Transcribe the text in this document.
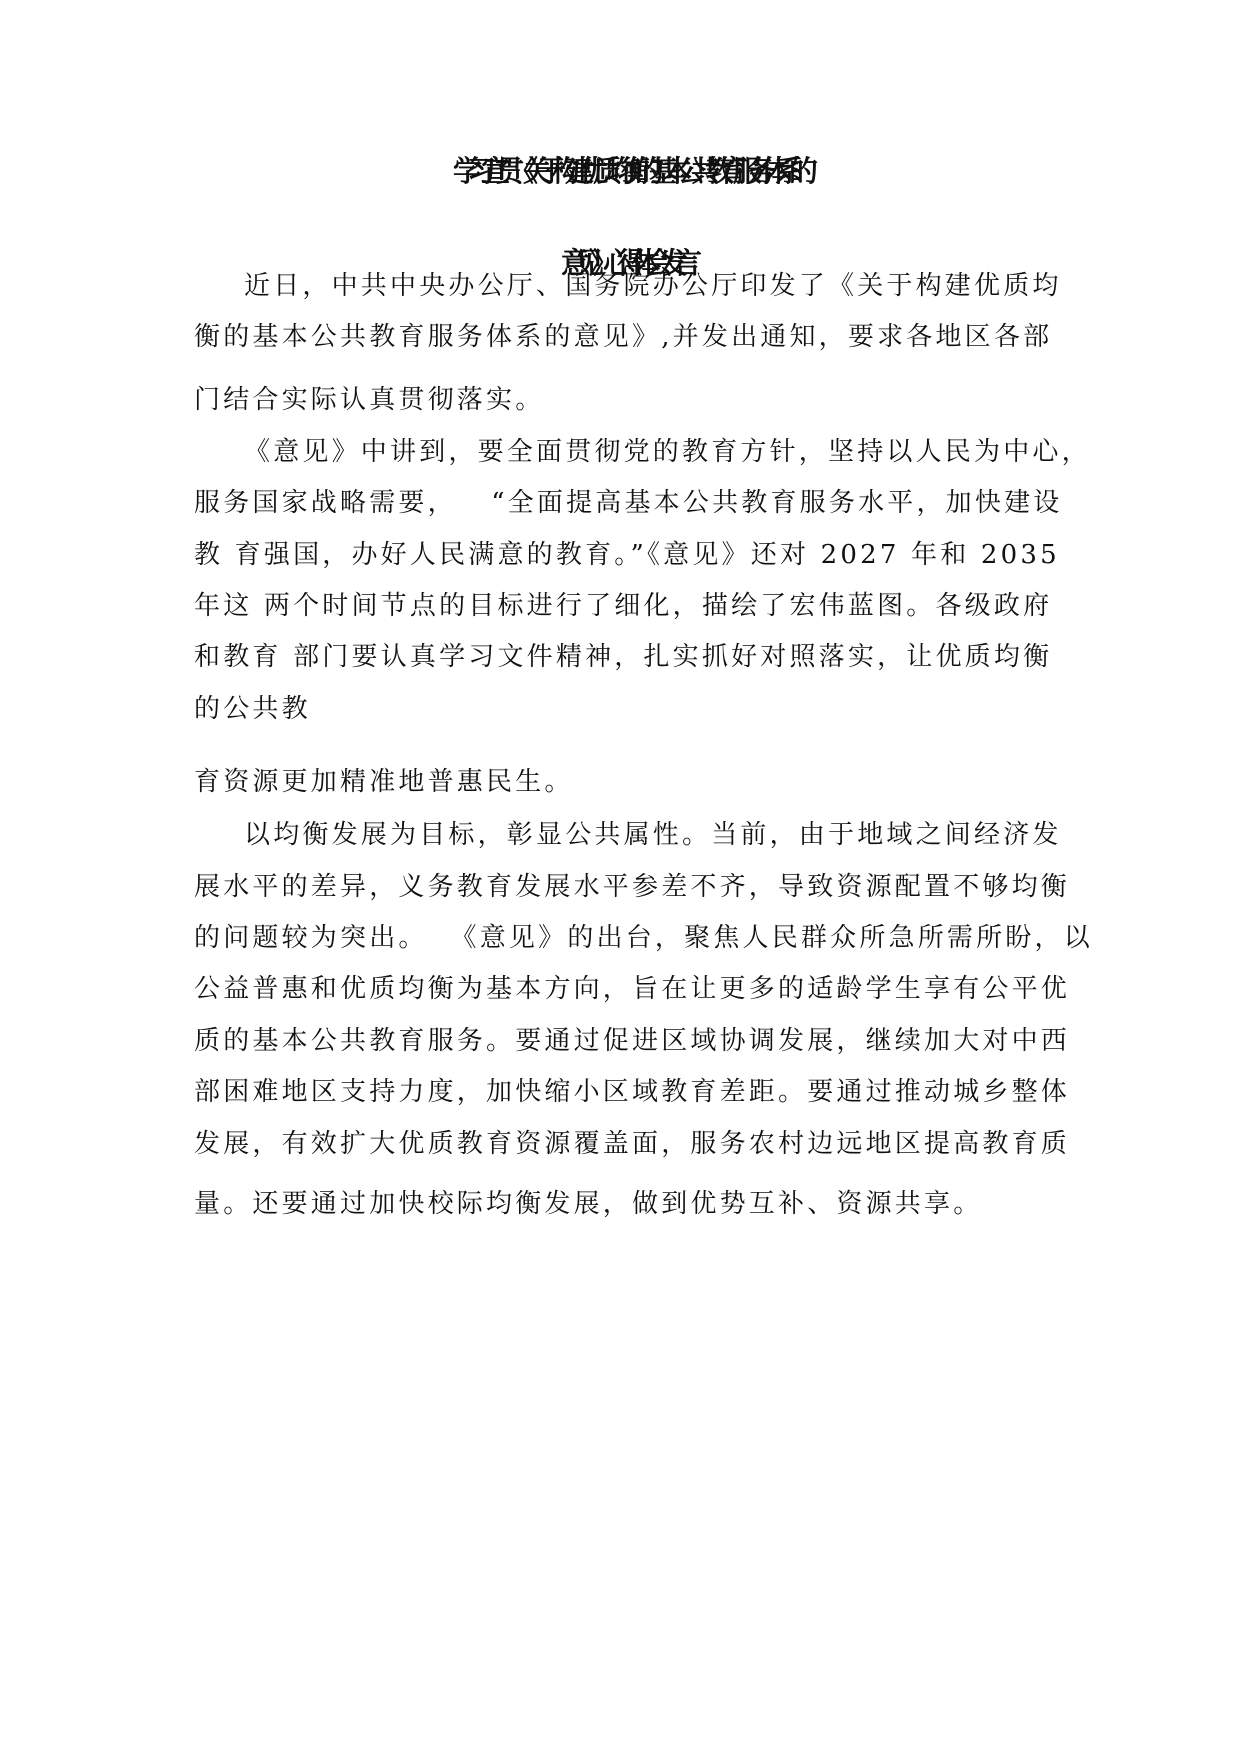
学习宣贯《关于构建优质均衡的基本公共教育服务体系的
意见》心得体会发言

近日，中共中央办公厅、国务院办公厅印发了《关于构建优质均

衡的基本公共教育服务体系的意见》,并发出通知，要求各地区各部

门结合实际认真贯彻落实。

《意见》中讲到，要全面贯彻党的教育方针，坚持以人民为中心，

服务国家战略需要，   “全面提高基本公共教育服务水平，加快建设

教 育强国，办好人民满意的教育。”《意见》还对 2027 年和 2035

年这 两个时间节点的目标进行了细化，描绘了宏伟蓝图。各级政府

和教育 部门要认真学习文件精神，扎实抓好对照落实，让优质均衡

的公共教

育资源更加精准地普惠民生。

以均衡发展为目标，彰显公共属性。当前，由于地域之间经济发

展水平的差异，义务教育发展水平参差不齐，导致资源配置不够均衡

的问题较为突出。  《意见》的出台，聚焦人民群众所急所需所盼，以

公益普惠和优质均衡为基本方向，旨在让更多的适龄学生享有公平优

质的基本公共教育服务。要通过促进区域协调发展，继续加大对中西

部困难地区支持力度，加快缩小区域教育差距。要通过推动城乡整体

发展，有效扩大优质教育资源覆盖面，服务农村边远地区提高教育质

量。还要通过加快校际均衡发展，做到优势互补、资源共享。
